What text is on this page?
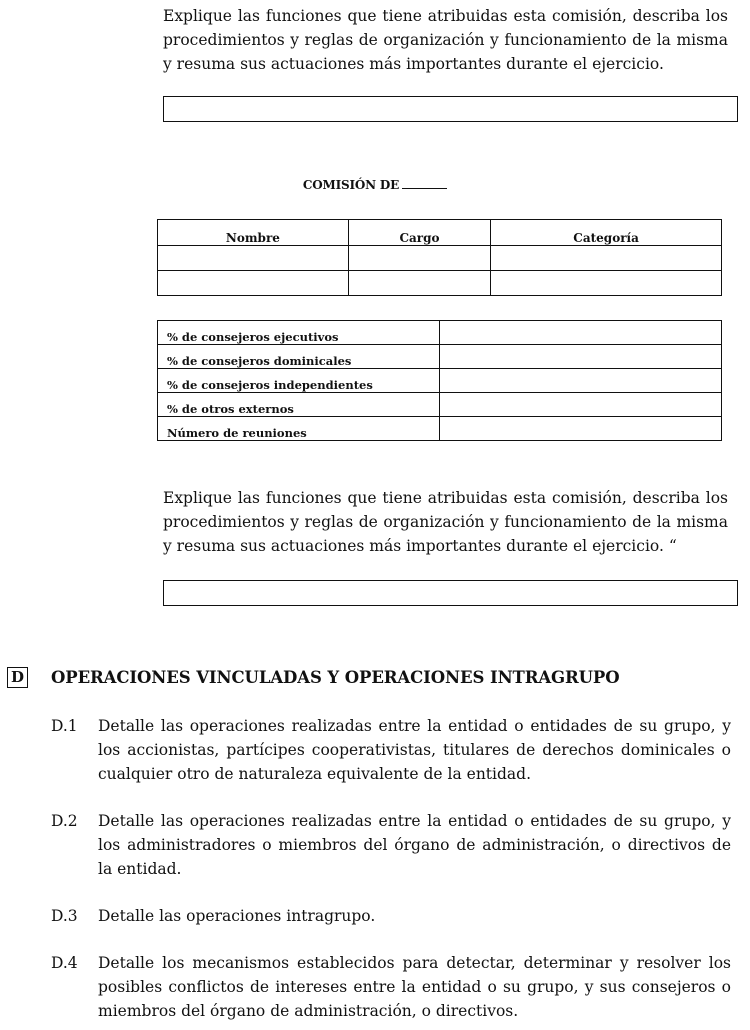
Explique las funciones que tiene atribuidas esta comisión, describa los procedimientos y reglas de organización y funcionamiento de la misma y resuma sus actuaciones más importantes durante el ejercicio.
COMISIÓN DE
Nombre	Cargo	Categoría

% de consejeros ejecutivos	
% de consejeros dominicales	
% de consejeros independientes	
% de otros externos	
Número de reuniones	
Explique las funciones que tiene atribuidas esta comisión, describa los procedimientos y reglas de organización y funcionamiento de la misma y resuma sus actuaciones más importantes durante el ejercicio. “
D OPERACIONES VINCULADAS Y OPERACIONES INTRAGRUPO
D.1 Detalle las operaciones realizadas entre la entidad o entidades de su grupo, y los accionistas, partícipes cooperativistas, titulares de derechos dominicales o cualquier otro de naturaleza equivalente de la entidad.
D.2 Detalle las operaciones realizadas entre la entidad o entidades de su grupo, y los administradores o miembros del órgano de administración, o directivos de la entidad.
D.3 Detalle las operaciones intragrupo.
D.4 Detalle los mecanismos establecidos para detectar, determinar y resolver los posibles conflictos de intereses entre la entidad o su grupo, y sus consejeros o miembros del órgano de administración, o directivos.
